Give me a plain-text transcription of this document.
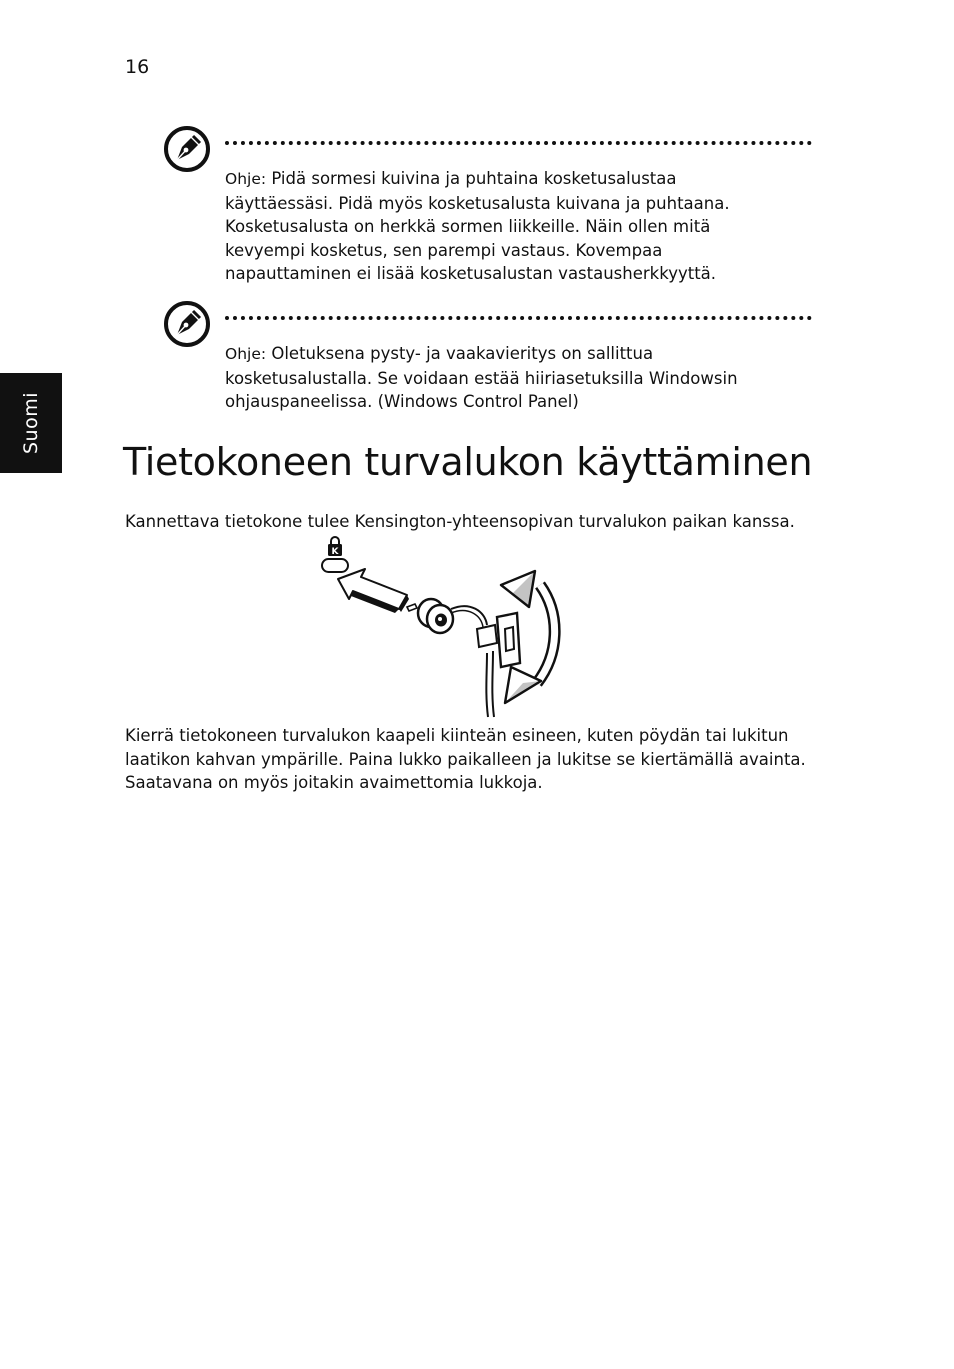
16
Suomi
Ohje: Pidä sormesi kuivina ja puhtaina kosketusalustaa käyttäessäsi. Pidä myös kosketusalusta kuivana ja puhtaana. Kosketusalusta on herkkä sormen liikkeille. Näin ollen mitä kevyempi kosketus, sen parempi vastaus. Kovempaa napauttaminen ei lisää kosketusalustan vastausherkkyyttä.
Ohje: Oletuksena pysty- ja vaakavieritys on sallittua kosketusalustalla. Se voidaan estää hiiriasetuksilla Windowsin ohjauspaneelissa. (Windows Control Panel)
Tietokoneen turvalukon käyttäminen

Kannettava tietokone tulee Kensington-yhteensopivan turvalukon paikan kanssa.

K

Kierrä tietokoneen turvalukon kaapeli kiinteän esineen, kuten pöydän tai lukitun laatikon kahvan ympärille. Paina lukko paikalleen ja lukitse se kiertämällä avainta. Saatavana on myös joitakin avaimettomia lukkoja.
